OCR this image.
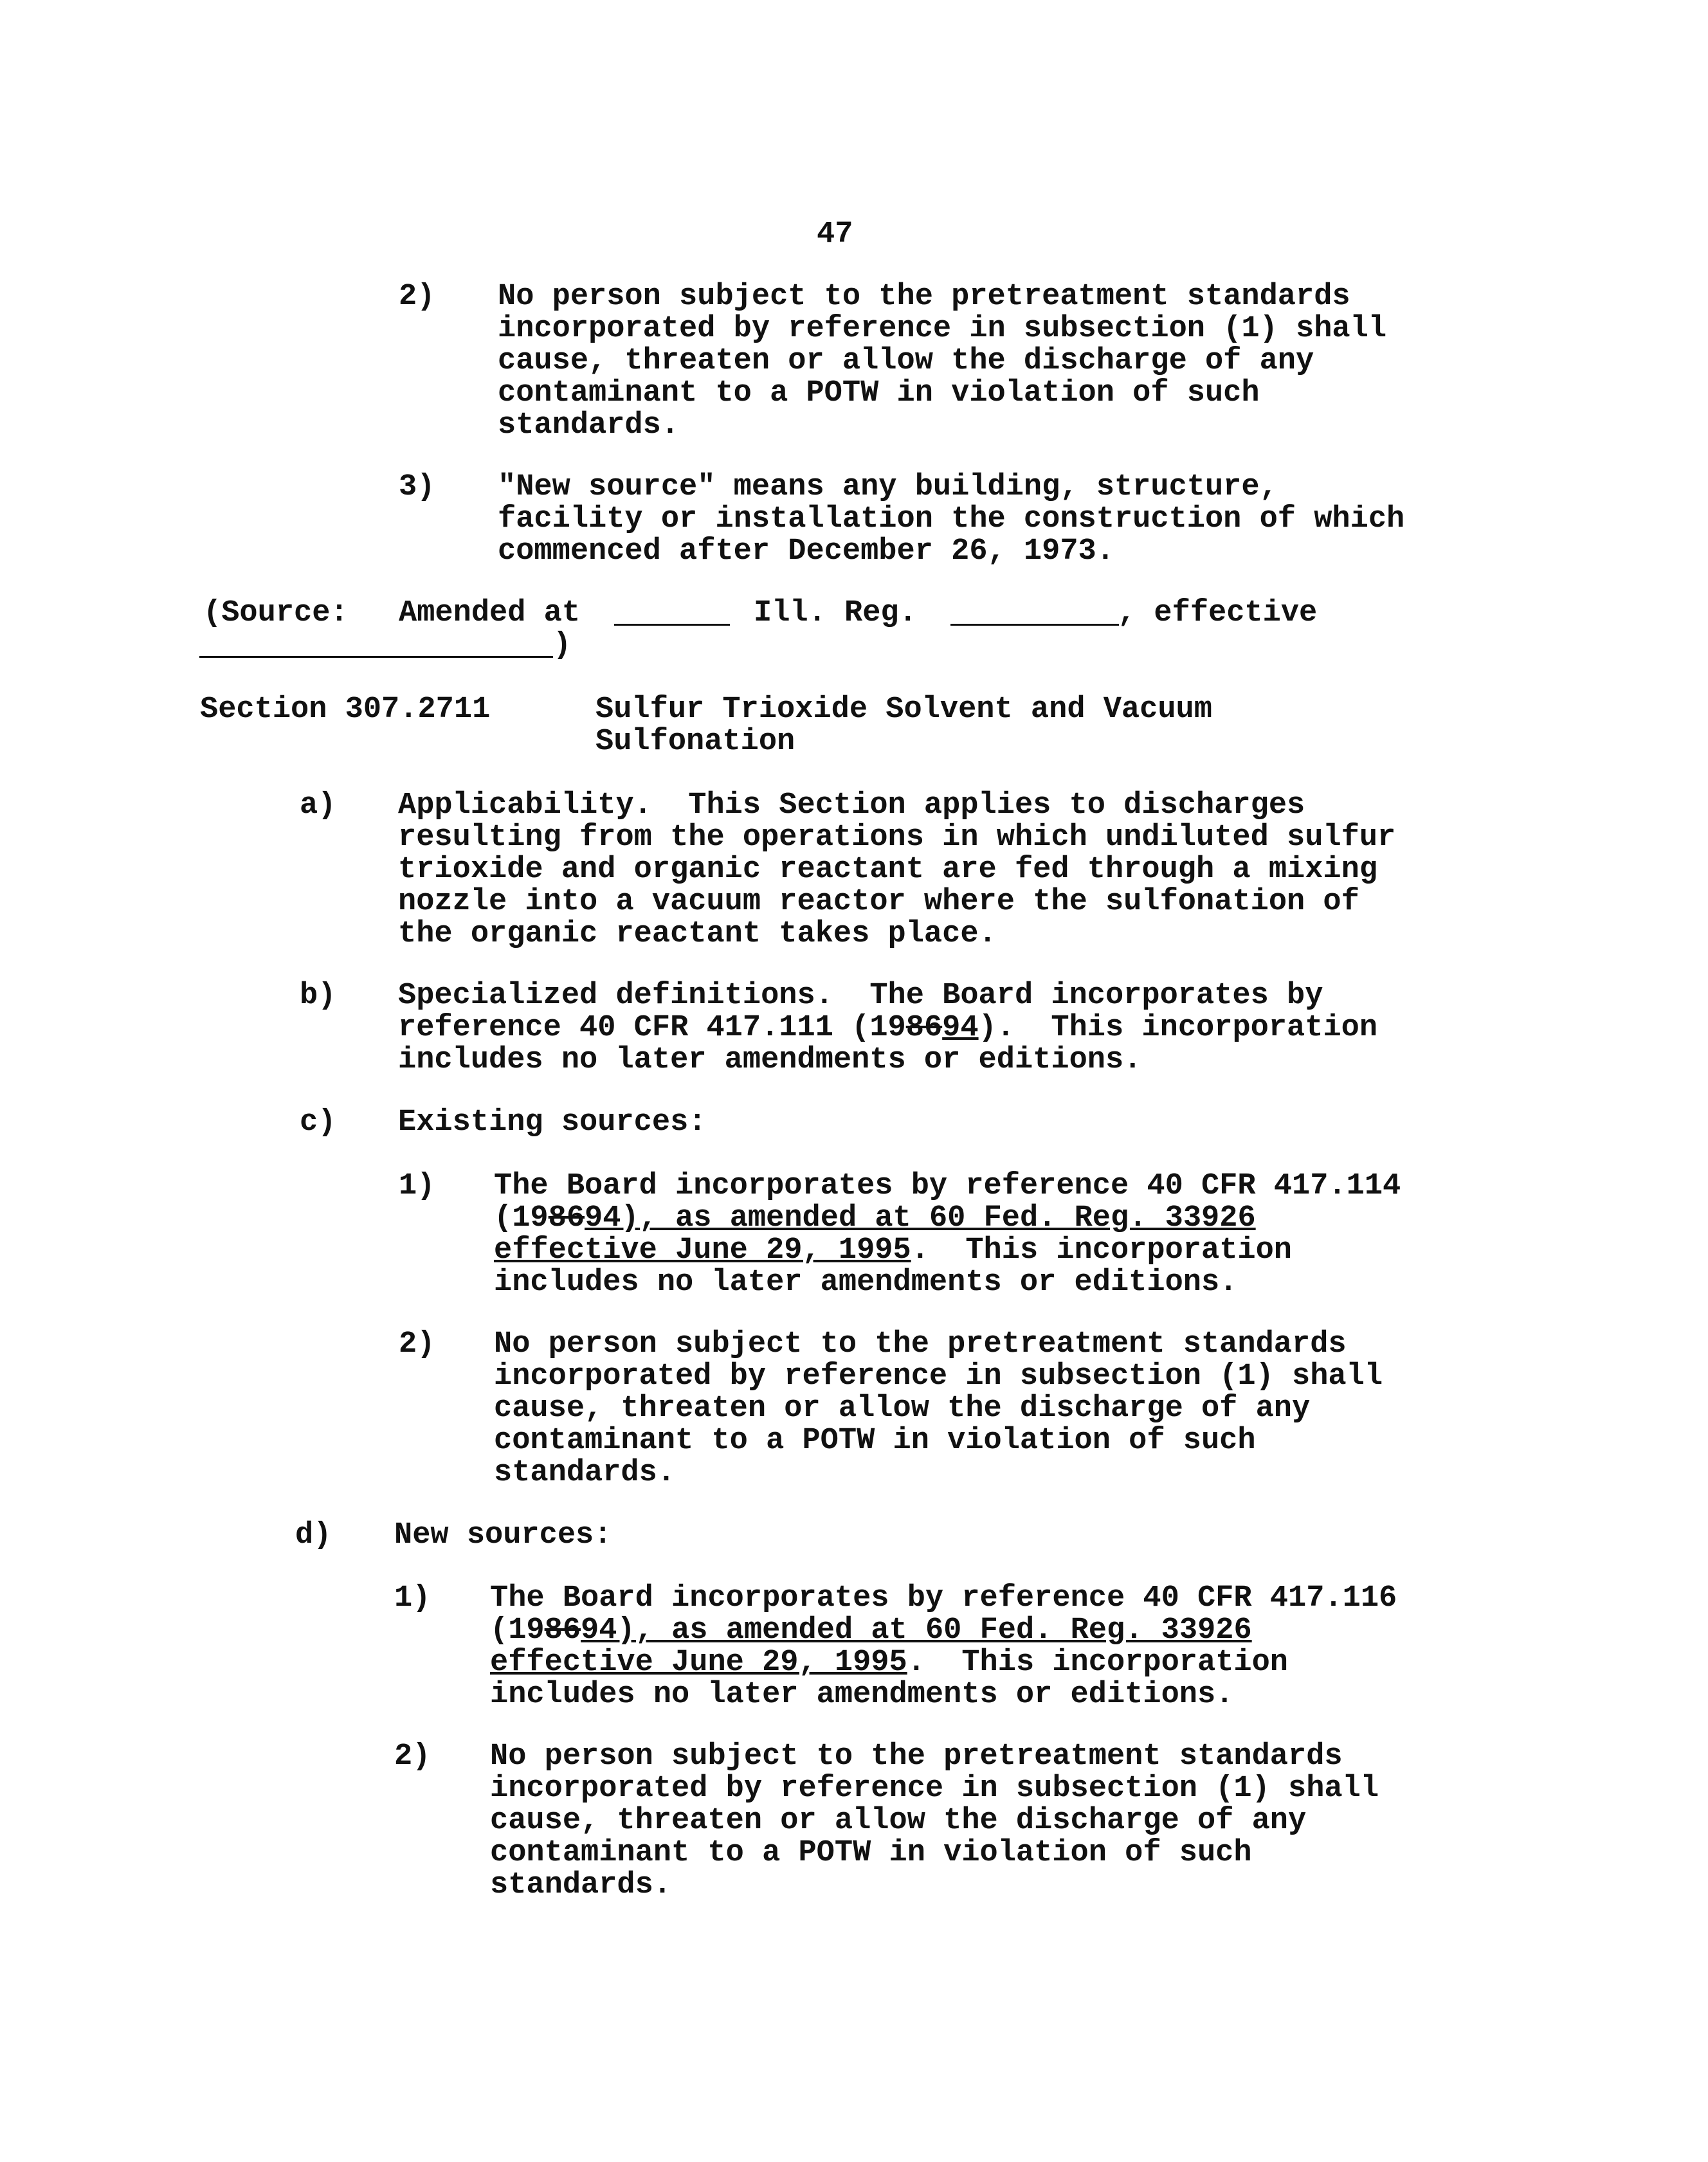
47
2) No person subject to the pretreatment standards
incorporated by reference in subsection (1) shall
cause, threaten or allow the discharge of any
contaminant to a POTW in violation of such
standards.
3) "New source" means any building, structure,
facility or installation the construction of which
commenced after December 26, 1973.
(Source: Amended at	Ill. Reg.	, effective
)
Section 307.2711	Sulfur Trioxide Solvent and Vacuum
Sulfonation
a) Applicability.  This Section applies to discharges
resulting from the operations in which undiluted sulfur
trioxide and organic reactant are fed through a mixing
nozzle into a vacuum reactor where the sulfonation of
the organic reactant takes place.
b) Specialized definitions.  The Board incorporates by
reference 40 CFR 417.111 (198694).  This incorporation
includes no later amendments or editions.
c) Existing sources:
1) The Board incorporates by reference 40 CFR 417.114
(198694), as amended at 60 Fed. Reg. 33926
effective June 29, 1995.  This incorporation
includes no later amendments or editions.
2) No person subject to the pretreatment standards
incorporated by reference in subsection (1) shall
cause, threaten or allow the discharge of any
contaminant to a POTW in violation of such
standards.
d) New sources:
1) The Board incorporates by reference 40 CFR 417.116
(198694), as amended at 60 Fed. Reg. 33926
effective June 29, 1995.  This incorporation
includes no later amendments or editions.
2) No person subject to the pretreatment standards
incorporated by reference in subsection (1) shall
cause, threaten or allow the discharge of any
contaminant to a POTW in violation of such
standards.
